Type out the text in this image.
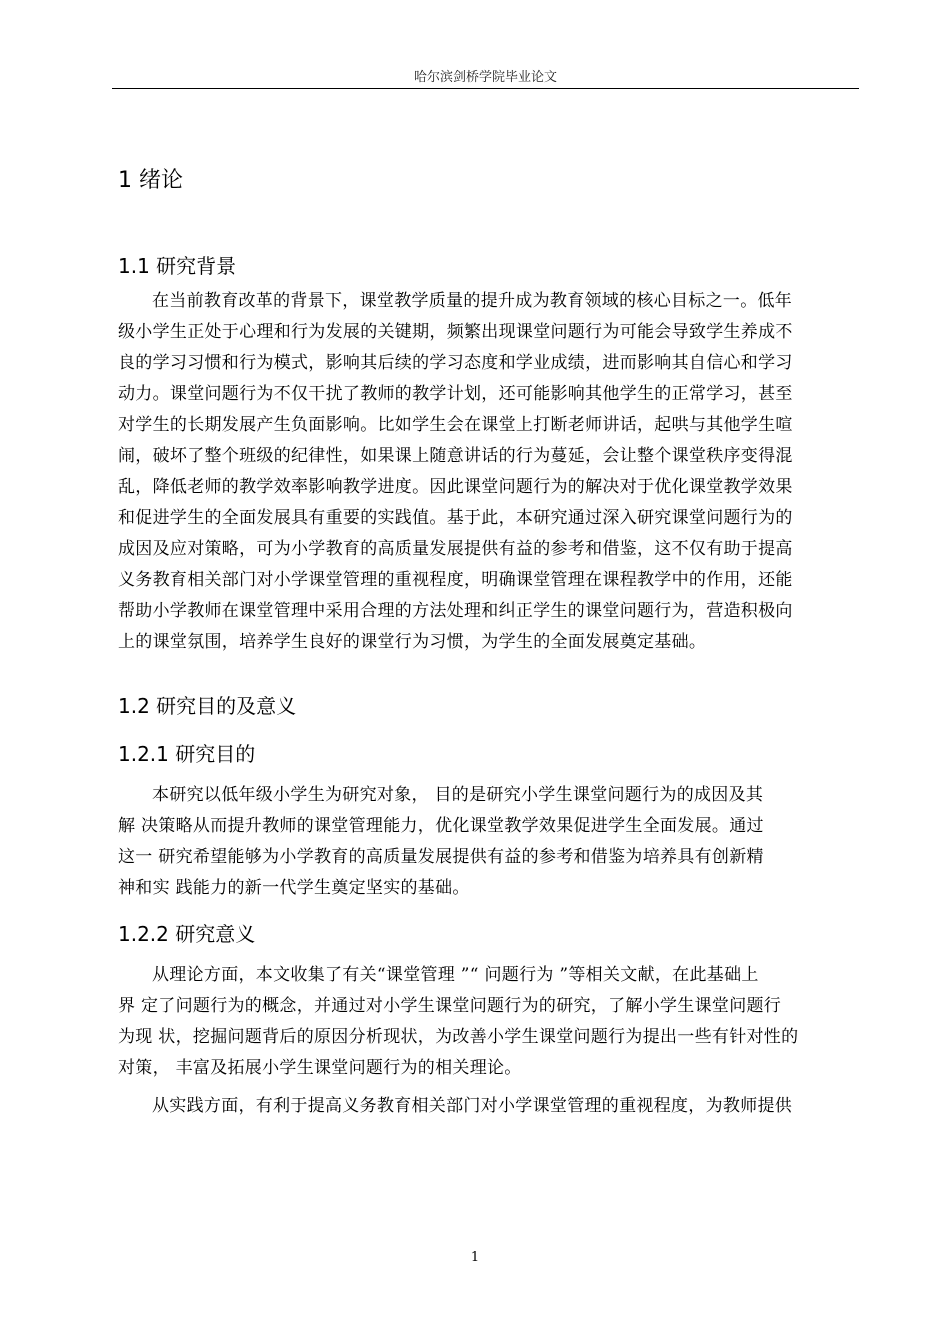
哈尔滨剑桥学院毕业论文
1 绪论
1.1 研究背景
在当前教育改革的背景下，课堂教学质量的提升成为教育领域的核心目标之一。低年
级小学生正处于心理和行为发展的关键期，频繁出现课堂问题行为可能会导致学生养成不
良的学习习惯和行为模式，影响其后续的学习态度和学业成绩，进而影响其自信心和学习
动力。课堂问题行为不仅干扰了教师的教学计划，还可能影响其他学生的正常学习，甚至
对学生的长期发展产生负面影响。比如学生会在课堂上打断老师讲话，起哄与其他学生喧
闹，破坏了整个班级的纪律性，如果课上随意讲话的行为蔓延，会让整个课堂秩序变得混
乱，降低老师的教学效率影响教学进度。因此课堂问题行为的解决对于优化课堂教学效果
和促进学生的全面发展具有重要的实践值。基于此，本研究通过深入研究课堂问题行为的
成因及应对策略，可为小学教育的高质量发展提供有益的参考和借鉴，这不仅有助于提高
义务教育相关部门对小学课堂管理的重视程度，明确课堂管理在课程教学中的作用，还能
帮助小学教师在课堂管理中采用合理的方法处理和纠正学生的课堂问题行为，营造积极向
上的课堂氛围，培养学生良好的课堂行为习惯，为学生的全面发展奠定基础。
1.2 研究目的及意义
1.2.1 研究目的
本研究以低年级小学生为研究对象， 目的是研究小学生课堂问题行为的成因及其
解 决策略从而提升教师的课堂管理能力，优化课堂教学效果促进学生全面发展。通过
这一 研究希望能够为小学教育的高质量发展提供有益的参考和借鉴为培养具有创新精
神和实 践能力的新一代学生奠定坚实的基础。
1.2.2 研究意义
从理论方面，本文收集了有关“课堂管理 ”“ 问题行为 ”等相关文献，在此基础上
界 定了问题行为的概念，并通过对小学生课堂问题行为的研究，了解小学生课堂问题行
为现 状，挖掘问题背后的原因分析现状，为改善小学生课堂问题行为提出一些有针对性的
对策， 丰富及拓展小学生课堂问题行为的相关理论。
从实践方面，有利于提高义务教育相关部门对小学课堂管理的重视程度，为教师提供
1
